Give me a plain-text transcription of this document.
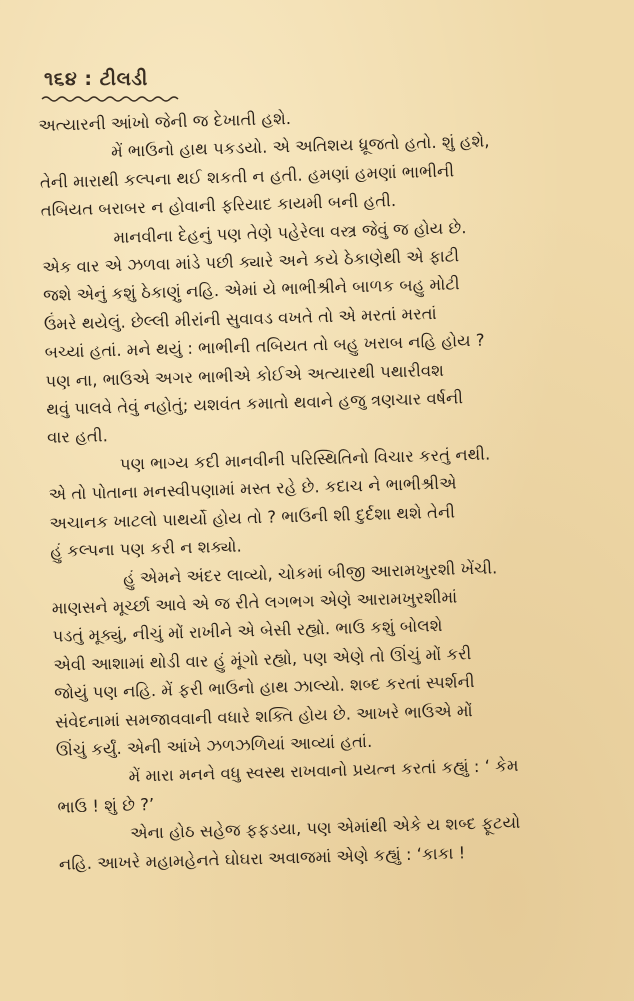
૧૬૪ : ટીલડી
અત્યારની આંખો જેની જ દેખાતી હશે.
મેં ભાઉનો હાથ પકડયો. એ અતિશય ધ્રૂજતો હતો. શું હશે,
તેની મારાથી કલ્પના થઈ શકતી ન હતી. હમણાં હમણાં ભાભીની
તબિયત બરાબર ન હોવાની ફરિયાદ કાયમી બની હતી.
માનવીના દેહનું પણ તેણે પહેરેલા વસ્ત્ર જેવું જ હોય છે.
એક વાર એ ઝળવા માંડે પછી ક્યારે અને કયે ઠેકાણેથી એ ફાટી
જશે એનું કશું ઠેકાણું નહિ. એમાં યે ભાભીશ્રીને બાળક બહુ મોટી
ઉંમરે થયેલું. છેલ્લી મીરાંની સુવાવડ વખતે તો એ મરતાં મરતાં
બચ્યાં હતાં. મને થયું : ભાભીની તબિયત તો બહુ ખરાબ નહિ હોય ?
પણ ના, ભાઉએ અગર ભાભીએ કોઈએ અત્યારથી પથારીવશ
થવું પાલવે તેવું નહોતું; યશવંત કમાતો થવાને હજુ ત્રણચાર વર્ષની
વાર હતી.
પણ ભાગ્ય કદી માનવીની પરિસ્થિતિનો વિચાર કરતું નથી.
એ તો પોતાના મનસ્વીપણામાં મસ્ત રહે છે. કદાચ ને ભાભીશ્રીએ
અચાનક ખાટલો પાથર્યો હોય તો ? ભાઉની શી દુર્દશા થશે તેની
હું કલ્પના પણ કરી ન શક્યો.
હું એમને અંદર લાવ્યો, ચોકમાં બીજી આરામખુરશી ખેંચી.
માણસને મૂર્ચ્છા આવે એ જ રીતે લગભગ એણે આરામખુરશીમાં
પડતું મૂક્યું, નીચું મોં રાખીને એ બેસી રહ્યો. ભાઉ કશું બોલશે
એવી આશામાં થોડી વાર હું મૂંગો રહ્યો, પણ એણે તો ઊંચું મોં કરી
જોયું પણ નહિ. મેં ફરી ભાઉનો હાથ ઝાલ્યો. શબ્દ કરતાં સ્પર્શની
સંવેદનામાં સમજાવવાની વધારે શક્તિ હોય છે. આખરે ભાઉએ મોં
ઊંચું કર્યું. એની આંખે ઝળઝળિયાં આવ્યાં હતાં.
મેં મારા મનને વધુ સ્વસ્થ રાખવાનો પ્રયત્ન કરતાં કહ્યું : ‘ કેમ
ભાઉ ! શું છે ?’
એના હોઠ સહેજ ફફડયા, પણ એમાંથી એકે ય શબ્દ ફૂટયો
નહિ. આખરે મહામહેનતે ઘોઘરા અવાજમાં એણે કહ્યું : ‘કાકા !
